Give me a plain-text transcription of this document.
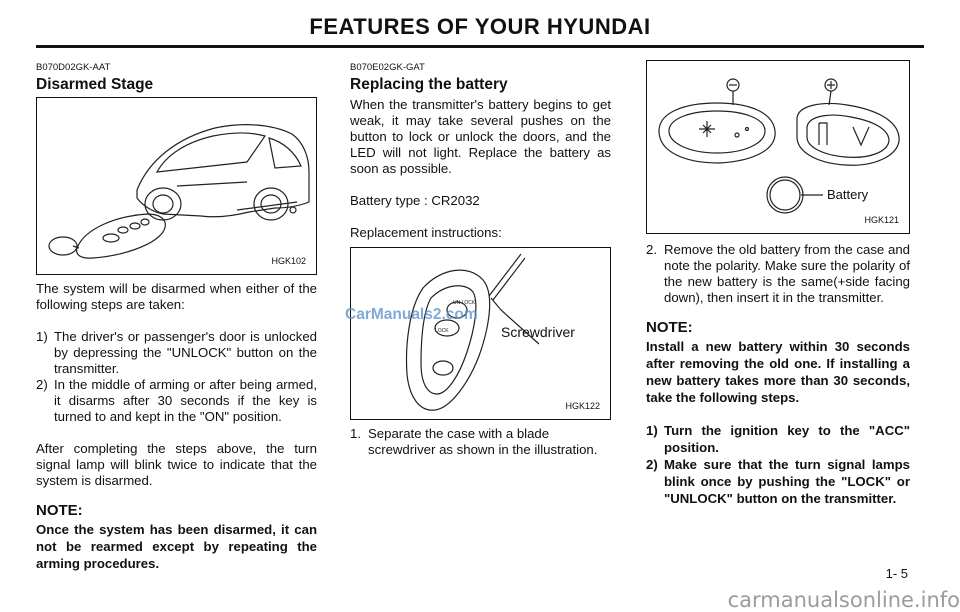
FEATURES OF YOUR HYUNDAI
B070D02GK-AAT
Disarmed Stage
HGK102

The system will be disarmed when either of the following steps are taken:

1) The driver's or passenger's door is unlocked by depressing the "UNLOCK" button on the transmitter.
2) In the middle of arming or after being armed, it disarms after 30 seconds if the key is turned to and kept in the "ON" position.

After completing the steps above, the turn signal lamp will blink twice to indicate that the system is disarmed.

NOTE:

Once the system has been disarmed, it can not be rearmed except by repeating the arming procedures.

B070E02GK-GAT
Replacing the battery

When the transmitter's battery begins to get weak, it may take several pushes on the button to lock or unlock the doors, and the LED will not light. Replace the battery as soon as possible.

Battery type : CR2032

Replacement instructions:

UN LOCK
LOCK	Screwdriver
HGK122
1. Separate the case with a blade screwdriver as shown in the illustration.
Battery
HGK121
2. Remove the old battery from the case and note the polarity. Make sure the polarity of the new battery is the same(+side facing down), then insert it in the transmitter.
NOTE:

Install a new battery within 30 seconds after removing the old one. If installing a new battery takes more than 30 seconds, take the following steps.

1) Turn the ignition key to the "ACC" position.
2) Make sure that the turn signal lamps blink once by pushing the "LOCK" or "UNLOCK" button on the transmitter.
CarManuals2.com
1- 5
carmanualsonline.info
